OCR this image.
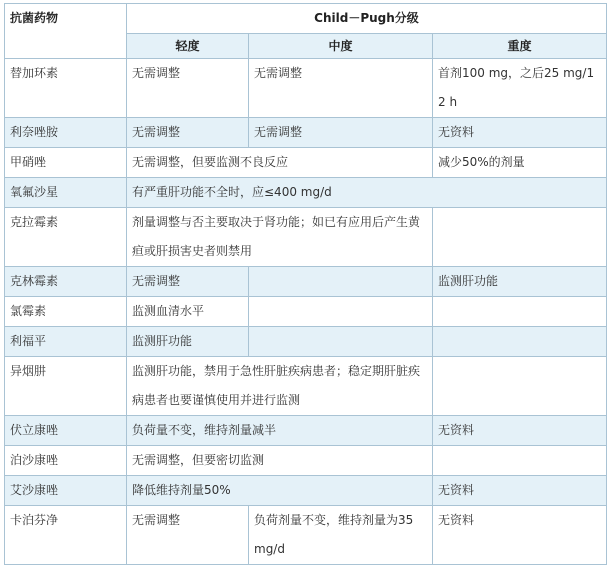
抗菌药物	Child－Pugh分级		
	轻度	中度	重度
替加环素	无需调整	无需调整	首剂100 mg，之后25 mg/12 h
利奈唑胺	无需调整	无需调整	无资料
甲硝唑	无需调整，但要监测不良反应		减少50%的剂量
氧氟沙星	有严重肝功能不全时，应≤400 mg/d		
克拉霉素	剂量调整与否主要取决于肾功能；如已有应用后产生黄疸或肝损害史者则禁用		
克林霉素	无需调整		监测肝功能
氯霉素	监测血清水平		
利福平	监测肝功能		
异烟肼	监测肝功能，禁用于急性肝脏疾病患者；稳定期肝脏疾病患者也要谨慎使用并进行监测		
伏立康唑	负荷量不变，维持剂量减半		无资料
泊沙康唑	无需调整，但要密切监测		
艾沙康唑	降低维持剂量50%		无资料
卡泊芬净	无需调整	负荷剂量不变，维持剂量为35 mg/d	无资料
